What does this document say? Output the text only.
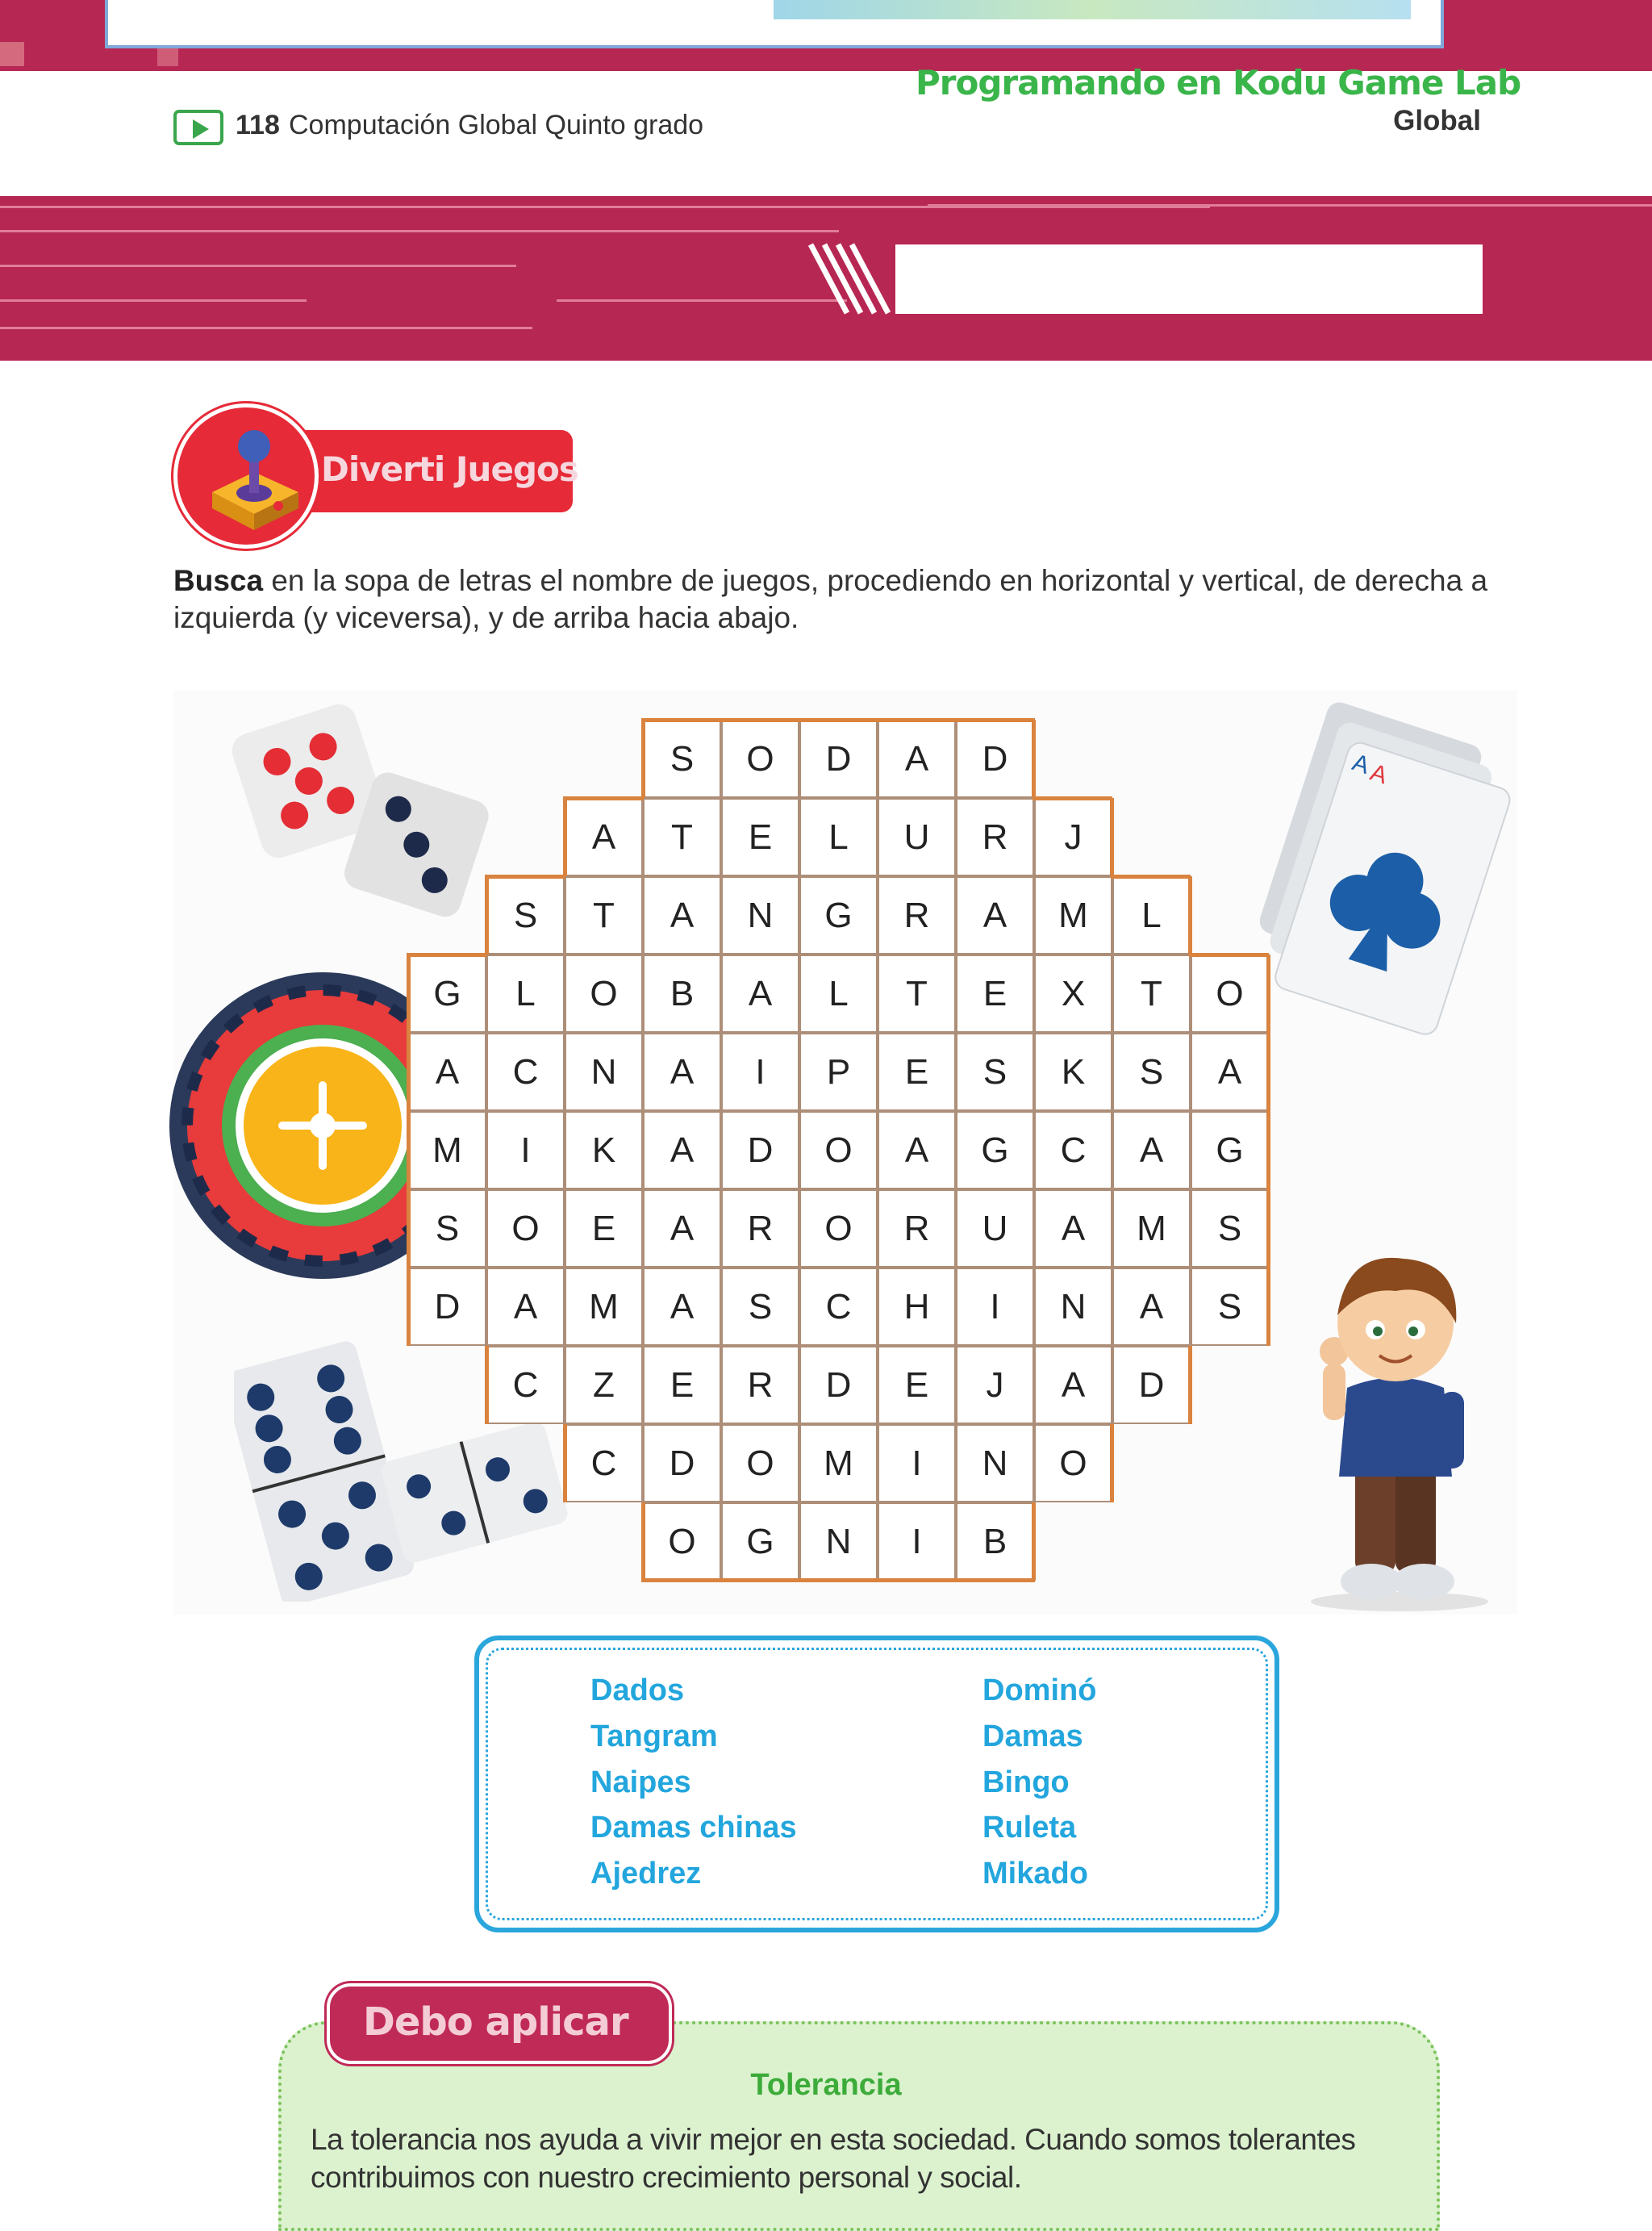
118 Computación Global Quinto grado	Global
Programando en Kodu Game Lab
Diverti Juegos
Busca en la sopa de letras el nombre de juegos, procediendo en horizontal y vertical, de derecha a izquierda (y viceversa), y de arriba hacia abajo.
A
A
S	O	D	A	D
A	T	E	L	U	R	J
S	T	A	N	G	R	A	M	L
G	L	O	B	A	L	T	E	X	T	O
A	C	N	A	I	P	E	S	K	S	A
M	I	K	A	D	O	A	G	C	A	G
S	O	E	A	R	O	R	U	A	M	S
D	A	M	A	S	C	H	I	N	A	S
C	Z	E	R	D	E	J	A	D
C	D	O	M	I	N	O
O	G	N	I	B
Dados
Tangram
Naipes
Damas chinas
Ajedrez
Dominó
Damas
Bingo
Ruleta
Mikado
Debo aplicar
Tolerancia
La tolerancia nos ayuda a vivir mejor en esta sociedad. Cuando somos tolerantes contribuimos con nuestro crecimiento personal y social.
